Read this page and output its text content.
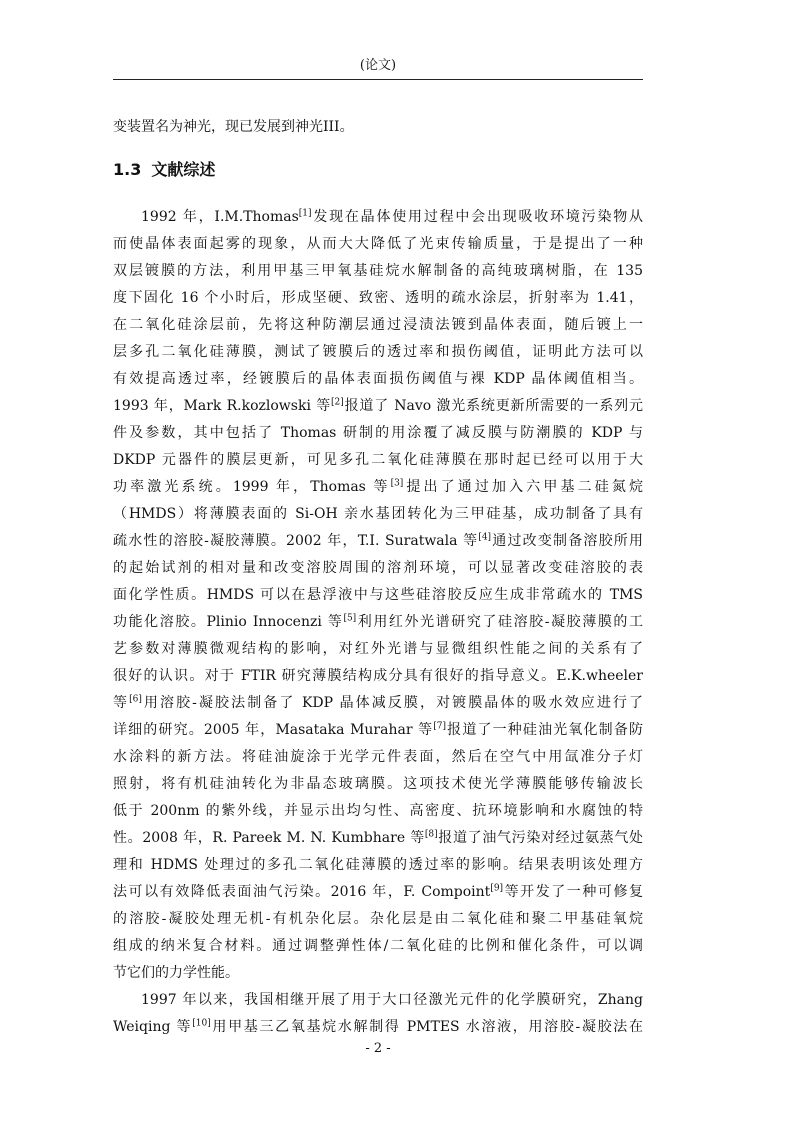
(论文)
变装置名为神光，现已发展到神光III。
1.3 文献综述
1992 年，I.M.Thomas[1]发现在晶体使用过程中会出现吸收环境污染物从
而使晶体表面起雾的现象，从而大大降低了光束传输质量，于是提出了一种
双层镀膜的方法，利用甲基三甲氧基硅烷水解制备的高纯玻璃树脂，在 135
度下固化 16 个小时后，形成坚硬、致密、透明的疏水涂层，折射率为 1.41，
在二氧化硅涂层前，先将这种防潮层通过浸渍法镀到晶体表面，随后镀上一
层多孔二氧化硅薄膜，测试了镀膜后的透过率和损伤阈值，证明此方法可以
有效提高透过率，经镀膜后的晶体表面损伤阈值与裸 KDP 晶体阈值相当。
1993 年，Mark R.kozlowski 等[2]报道了 Navo 激光系统更新所需要的一系列元
件及参数，其中包括了 Thomas 研制的用涂覆了减反膜与防潮膜的 KDP 与
DKDP 元器件的膜层更新，可见多孔二氧化硅薄膜在那时起已经可以用于大
功率激光系统。1999 年，Thomas 等[3]提出了通过加入六甲基二硅氮烷
（HMDS）将薄膜表面的 Si-OH 亲水基团转化为三甲硅基，成功制备了具有
疏水性的溶胶-凝胶薄膜。2002 年，T.I. Suratwala 等[4]通过改变制备溶胶所用
的起始试剂的相对量和改变溶胶周围的溶剂环境，可以显著改变硅溶胶的表
面化学性质。HMDS 可以在悬浮液中与这些硅溶胶反应生成非常疏水的 TMS
功能化溶胶。Plinio Innocenzi 等[5]利用红外光谱研究了硅溶胶-凝胶薄膜的工
艺参数对薄膜微观结构的影响，对红外光谱与显微组织性能之间的关系有了
很好的认识。对于 FTIR 研究薄膜结构成分具有很好的指导意义。E.K.wheeler
等[6]用溶胶-凝胶法制备了 KDP 晶体减反膜，对镀膜晶体的吸水效应进行了
详细的研究。2005 年，Masataka Murahar 等[7]报道了一种硅油光氧化制备防
水涂料的新方法。将硅油旋涂于光学元件表面，然后在空气中用氙准分子灯
照射，将有机硅油转化为非晶态玻璃膜。这项技术使光学薄膜能够传输波长
低于 200nm 的紫外线，并显示出均匀性、高密度、抗环境影响和水腐蚀的特
性。2008 年，R. Pareek M. N. Kumbhare 等[8]报道了油气污染对经过氨蒸气处
理和 HDMS 处理过的多孔二氧化硅薄膜的透过率的影响。结果表明该处理方
法可以有效降低表面油气污染。2016 年，F. Compoint[9]等开发了一种可修复
的溶胶-凝胶处理无机-有机杂化层。杂化层是由二氧化硅和聚二甲基硅氧烷
组成的纳米复合材料。通过调整弹性体/二氧化硅的比例和催化条件，可以调
节它们的力学性能。
1997 年以来，我国相继开展了用于大口径激光元件的化学膜研究，Zhang
Weiqing 等[10]用甲基三乙氧基烷水解制得 PMTES 水溶液，用溶胶-凝胶法在
- 2 -
